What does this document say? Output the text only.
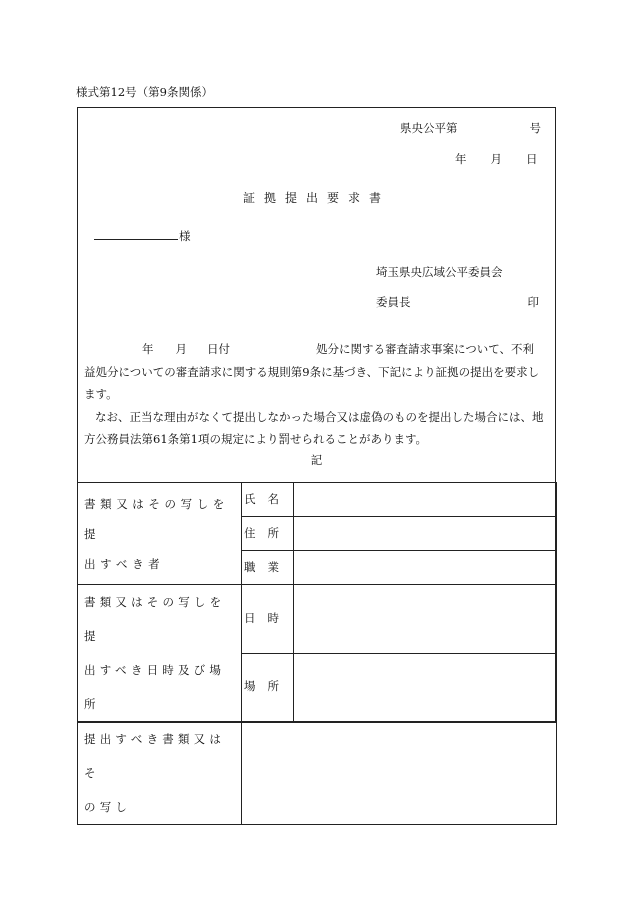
様式第12号（第9条関係）
県央公平第	号
年 月 日
証拠提出要求書
様
埼玉県央広域公平委員会
委員長	印

年 月 日付	処分に関する審査請求事案について、不利
益処分についての審査請求に関する規則第9条に基づき、下記により証拠の提出を要求し
ます。

なお、正当な理由がなくて提出しなかった場合又は虚偽のものを提出した場合には、地
方公務員法第61条第1項の規定により罰せられることがあります。

記
書類又はその写しを提
出すべき者	氏名	
	住所	
	職業	

書類又はその写しを提
出すべき日時及び場所	日時	
	場所	

提出すべき書類又はそ
の写し		
